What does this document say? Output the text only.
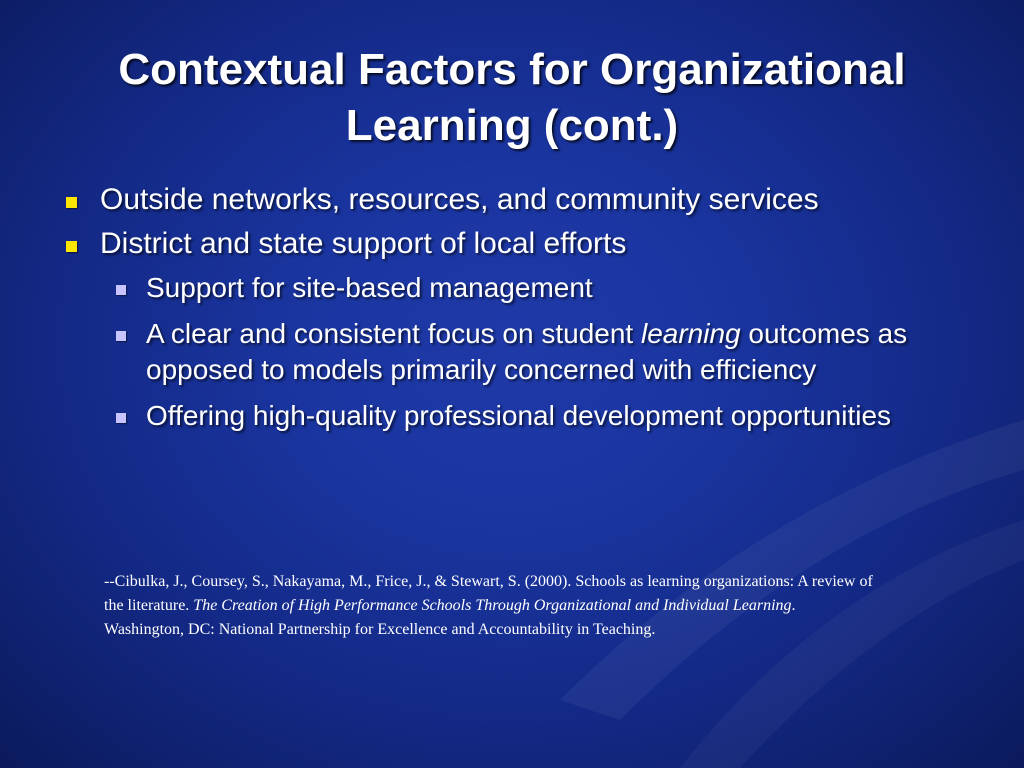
Contextual Factors for Organizational
Learning (cont.)
Outside networks, resources, and community services
District and state support of local efforts
Support for site-based management
A clear and consistent focus on student learning outcomes as opposed to models primarily concerned with efficiency
Offering high-quality professional development opportunities

--Cibulka, J., Coursey, S., Nakayama, M., Frice, J., & Stewart, S. (2000). Schools as learning organizations: A review of the literature. The Creation of High Performance Schools Through Organizational and Individual Learning. Washington, DC: National Partnership for Excellence and Accountability in Teaching.
